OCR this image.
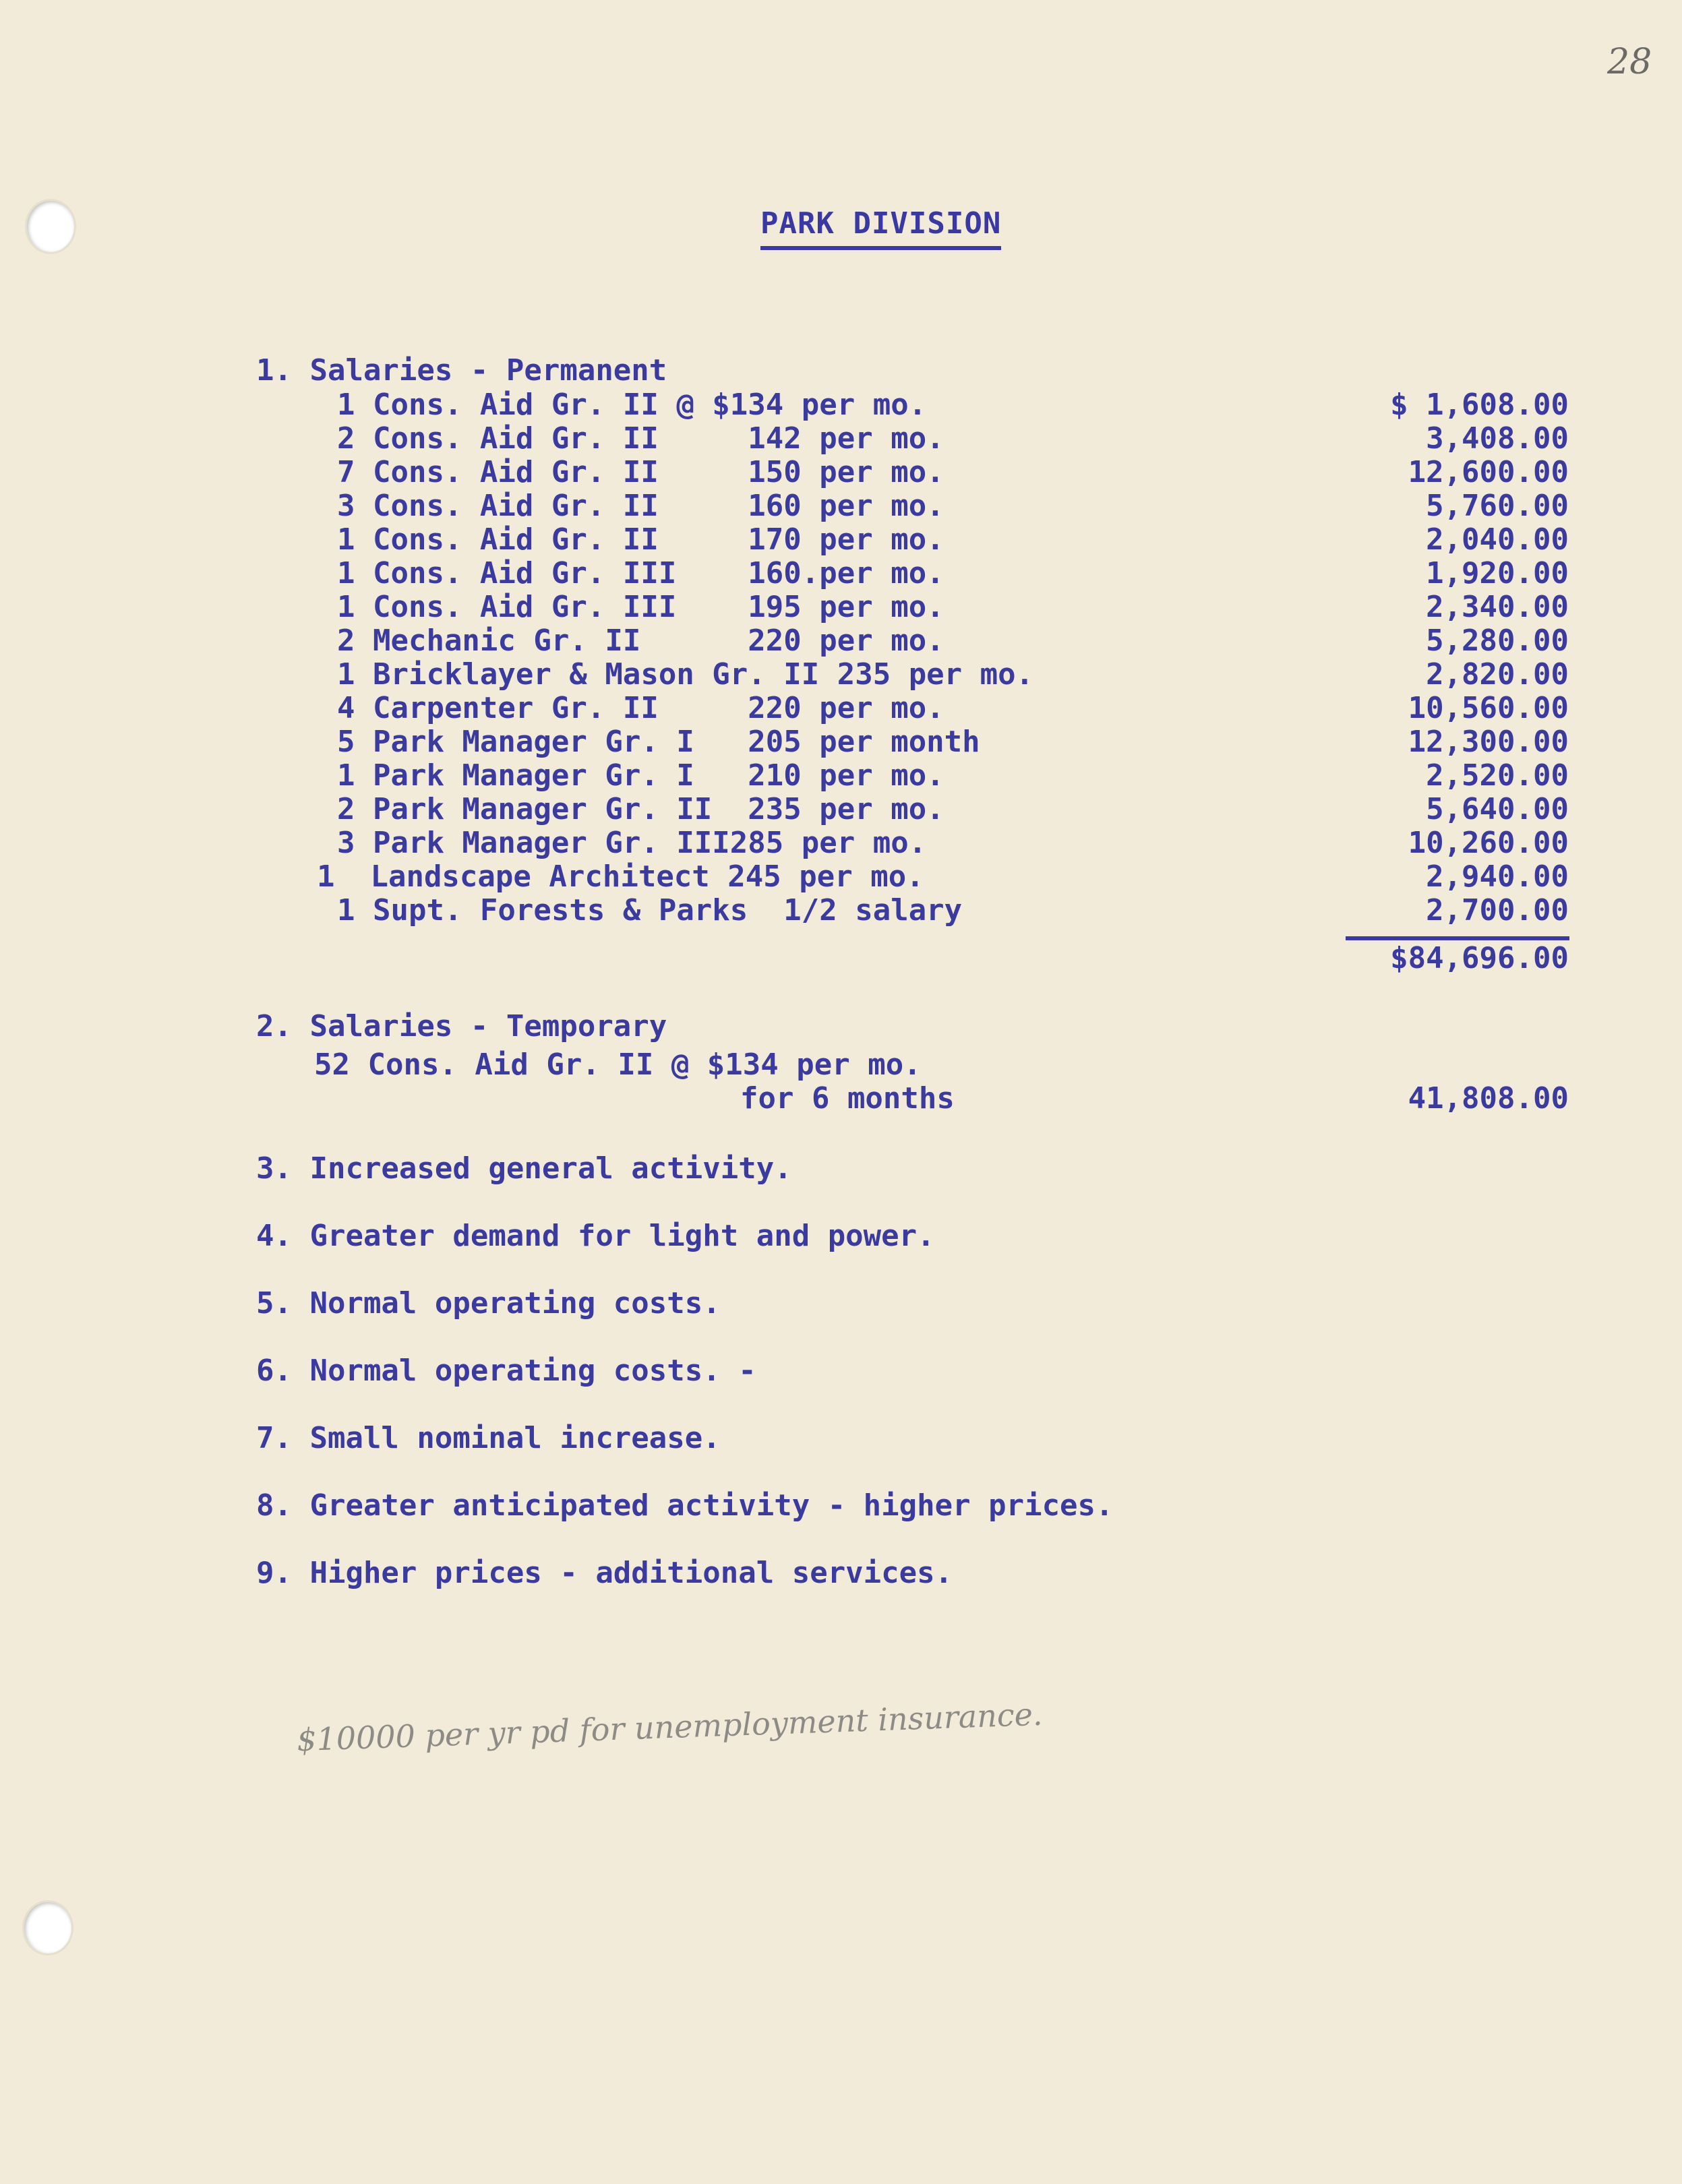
28
PARK DIVISION
1. Salaries - Permanent
1 Cons. Aid Gr. II @ $134 per mo.	$ 1,608.00
2 Cons. Aid Gr. II     142 per mo.	3,408.00
7 Cons. Aid Gr. II     150 per mo.	12,600.00
3 Cons. Aid Gr. II     160 per mo.	5,760.00
1 Cons. Aid Gr. II     170 per mo.	2,040.00
1 Cons. Aid Gr. III    160.per mo.	1,920.00
1 Cons. Aid Gr. III    195 per mo.	2,340.00
2 Mechanic Gr. II      220 per mo.	5,280.00
1 Bricklayer & Mason Gr. II 235 per mo.	2,820.00
4 Carpenter Gr. II     220 per mo.	10,560.00
5 Park Manager Gr. I   205 per month	12,300.00
1 Park Manager Gr. I   210 per mo.	2,520.00
2 Park Manager Gr. II  235 per mo.	5,640.00
3 Park Manager Gr. III285 per mo.	10,260.00
1  Landscape Architect 245 per mo.	2,940.00
1 Supt. Forests & Parks  1/2 salary	2,700.00
$84,696.00
2. Salaries - Temporary
52 Cons. Aid Gr. II @ $134 per mo.
for 6 months	41,808.00
3. Increased general activity.
4. Greater demand for light and power.
5. Normal operating costs.
6. Normal operating costs. -
7. Small nominal increase.
8. Greater anticipated activity - higher prices.
9. Higher prices - additional services.
$10000 per yr pd for unemployment insurance.
